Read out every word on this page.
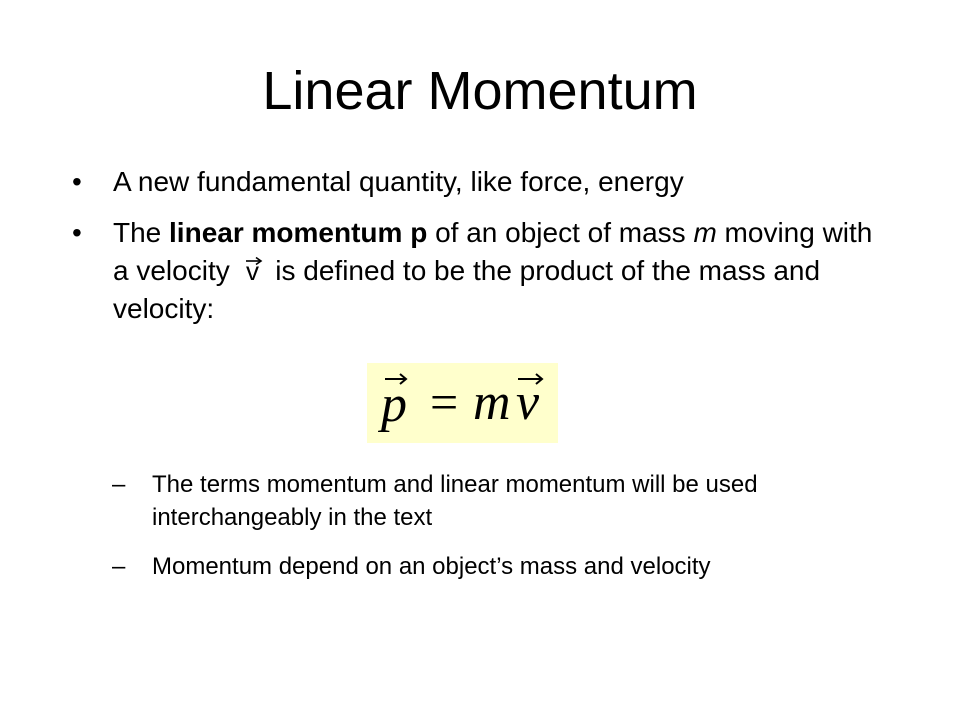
Linear Momentum
•	A new fundamental quantity, like force, energy
•	The linear momentum p of an object of mass m moving with a velocity
v is defined to be the product of the mass and velocity:
p = m v
–	The terms momentum and linear momentum will be used interchangeably in the text
–	Momentum depend on an object’s mass and velocity
